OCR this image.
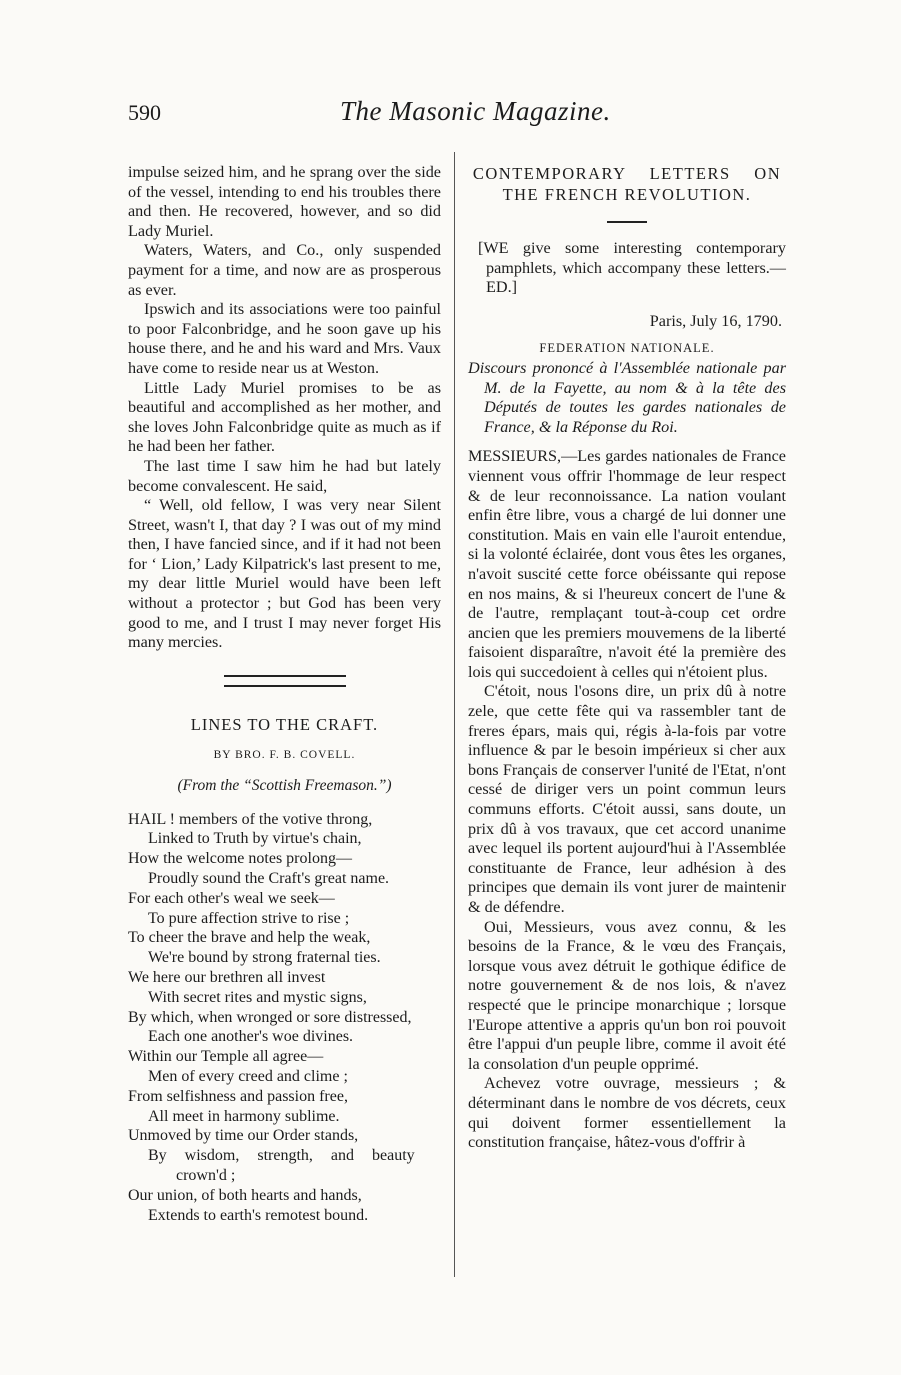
590	The Masonic Magazine.

impulse seized him, and he sprang over the side of the vessel, intending to end his troubles there and then. He recovered, however, and so did Lady Muriel.

Waters, Waters, and Co., only suspended payment for a time, and now are as prosperous as ever.

Ipswich and its associations were too painful to poor Falconbridge, and he soon gave up his house there, and he and his ward and Mrs. Vaux have come to reside near us at Weston.

Little Lady Muriel promises to be as beautiful and accomplished as her mother, and she loves John Falconbridge quite as much as if he had been her father.

The last time I saw him he had but lately become convalescent. He said,

“ Well, old fellow, I was very near Silent Street, wasn't I, that day ? I was out of my mind then, I have fancied since, and if it had not been for ‘ Lion,’ Lady Kilpatrick's last present to me, my dear little Muriel would have been left without a protector ; but God has been very good to me, and I trust I may never forget His many mercies.

LINES TO THE CRAFT.
BY BRO. F. B. COVELL.
(From the “Scottish Freemason.”)
HAIL ! members of the votive throng,
Linked to Truth by virtue's chain,
How the welcome notes prolong—
Proudly sound the Craft's great name.
For each other's weal we seek—
To pure affection strive to rise ;
To cheer the brave and help the weak,
We're bound by strong fraternal ties.
We here our brethren all invest
With secret rites and mystic signs,
By which, when wronged or sore distressed,
Each one another's woe divines.
Within our Temple all agree—
Men of every creed and clime ;
From selfishness and passion free,
All meet in harmony sublime.
Unmoved by time our Order stands,
By wisdom, strength, and beauty
crown'd ;
Our union, of both hearts and hands,
Extends to earth's remotest bound.
CONTEMPORARY LETTERS ON
THE FRENCH REVOLUTION.

[WE give some interesting contemporary pamphlets, which accompany these letters.—ED.]

Paris, July 16, 1790.
FEDERATION NATIONALE.

Discours prononcé à l'Assemblée nationale par M. de la Fayette, au nom & à la tête des Députés de toutes les gardes nationales de France, & la Réponse du Roi.

MESSIEURS,—Les gardes nationales de France viennent vous offrir l'hommage de leur respect & de leur reconnoissance. La nation voulant enfin être libre, vous a chargé de lui donner une constitution. Mais en vain elle l'auroit entendue, si la volonté éclairée, dont vous êtes les organes, n'avoit suscité cette force obéissante qui repose en nos mains, & si l'heureux concert de l'une & de l'autre, remplaçant tout-à-coup cet ordre ancien que les premiers mouvemens de la liberté faisoient disparaître, n'avoit été la première des lois qui succedoient à celles qui n'étoient plus.

C'étoit, nous l'osons dire, un prix dû à notre zele, que cette fête qui va rassembler tant de freres épars, mais qui, régis à-la-fois par votre influence & par le besoin impérieux si cher aux bons Français de conserver l'unité de l'Etat, n'ont cessé de diriger vers un point commun leurs communs efforts. C'étoit aussi, sans doute, un prix dû à vos travaux, que cet accord unanime avec lequel ils portent aujourd'hui à l'Assemblée constituante de France, leur adhésion à des principes que demain ils vont jurer de maintenir & de défendre.

Oui, Messieurs, vous avez connu, & les besoins de la France, & le vœu des Français, lorsque vous avez détruit le gothique édifice de notre gouvernement & de nos lois, & n'avez respecté que le principe monarchique ; lorsque l'Europe attentive a appris qu'un bon roi pouvoit être l'appui d'un peuple libre, comme il avoit été la consolation d'un peuple opprimé.

Achevez votre ouvrage, messieurs ; & déterminant dans le nombre de vos décrets, ceux qui doivent former essentiellement la constitution française, hâtez-vous d'offrir à
